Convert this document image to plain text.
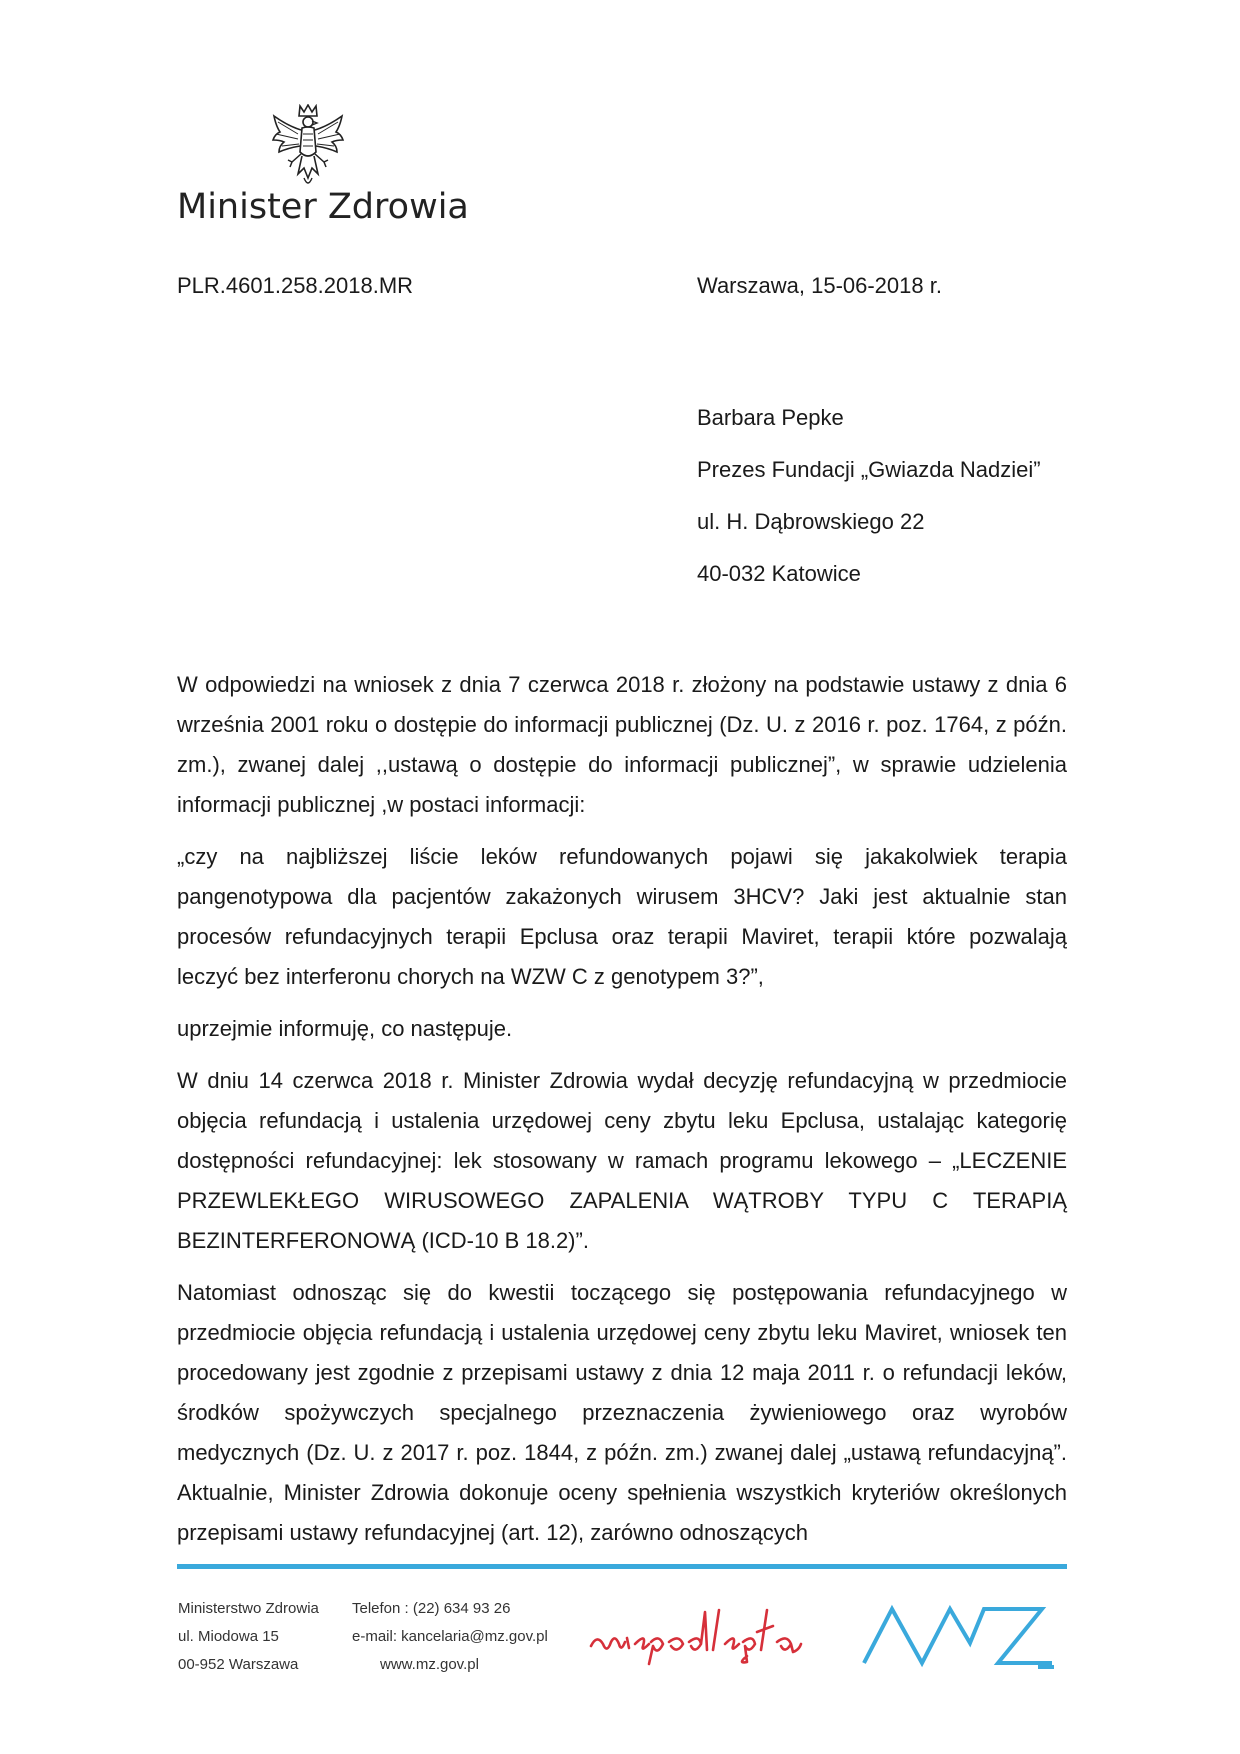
Minister Zdrowia
PLR.4601.258.2018.MR	Warszawa, 15-06-2018 r.
Barbara Pepke
Prezes Fundacji „Gwiazda Nadziei”
ul. H. Dąbrowskiego 22
40-032 Katowice

W odpowiedzi na wniosek z dnia 7 czerwca 2018 r. złożony na podstawie ustawy z dnia 6 września 2001 roku o dostępie do informacji publicznej (Dz. U. z 2016 r. poz. 1764, z późn. zm.), zwanej dalej ,,ustawą o dostępie do informacji publicznej”, w sprawie udzielenia informacji publicznej ,w postaci informacji:

„czy na najbliższej liście leków refundowanych pojawi się jakakolwiek terapia pangenotypowa dla pacjentów zakażonych wirusem 3HCV? Jaki jest aktualnie stan procesów refundacyjnych terapii Epclusa oraz terapii Maviret, terapii które pozwalają leczyć bez interferonu chorych na WZW C z genotypem 3?”,

uprzejmie informuję, co następuje.

W dniu 14 czerwca 2018 r. Minister Zdrowia wydał decyzję refundacyjną w przedmiocie objęcia refundacją i ustalenia urzędowej ceny zbytu leku Epclusa, ustalając kategorię dostępności refundacyjnej: lek stosowany w ramach programu lekowego – „LECZENIE PRZEWLEKŁEGO WIRUSOWEGO ZAPALENIA WĄTROBY TYPU C TERAPIĄ BEZINTERFERONOWĄ (ICD-10 B 18.2)”.

Natomiast odnosząc się do kwestii toczącego się postępowania refundacyjnego w przedmiocie objęcia refundacją i ustalenia urzędowej ceny zbytu leku Maviret, wniosek ten procedowany jest zgodnie z przepisami ustawy z dnia 12 maja 2011 r. o refundacji leków, środków spożywczych specjalnego przeznaczenia żywieniowego oraz wyrobów medycznych (Dz. U. z 2017 r. poz. 1844, z późn. zm.) zwanej dalej „ustawą refundacyjną”. Aktualnie, Minister Zdrowia dokonuje oceny spełnienia wszystkich kryteriów określonych przepisami ustawy refundacyjnej (art. 12), zarówno odnoszących

Ministerstwo Zdrowia
ul. Miodowa 15
00-952 Warszawa
Telefon : (22) 634 93 26
e-mail: kancelaria@mz.gov.pl
www.mz.gov.pl
